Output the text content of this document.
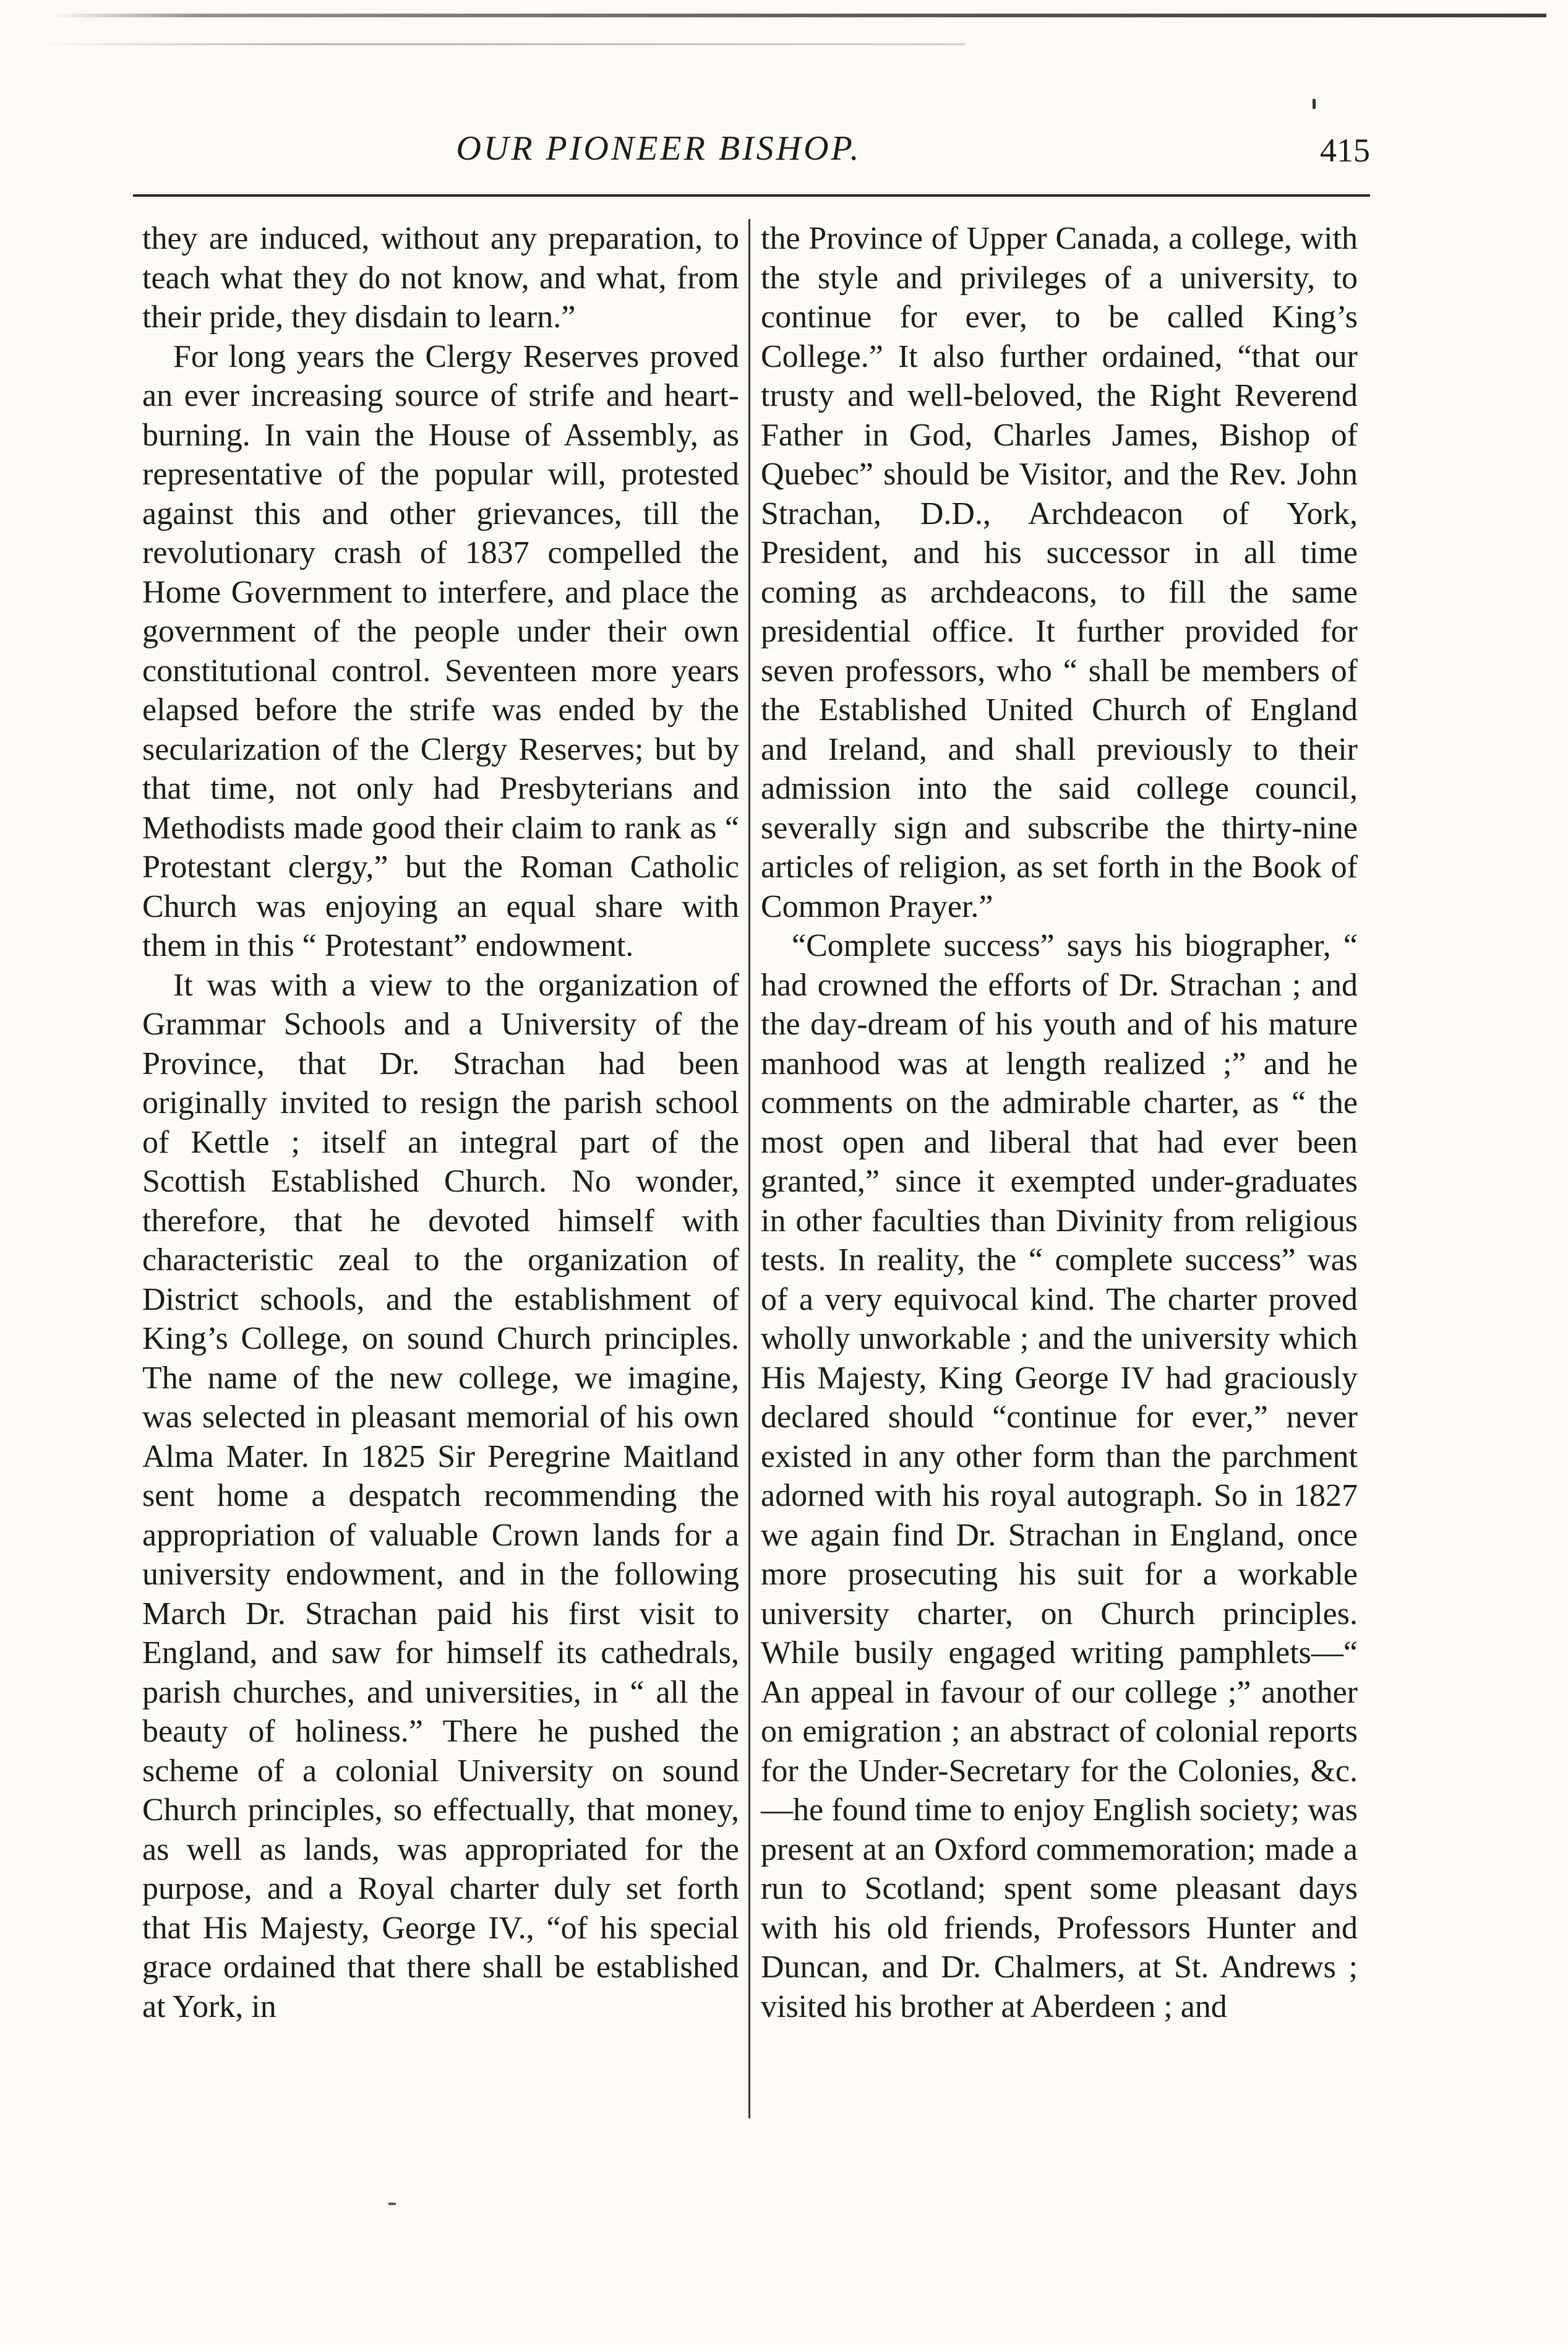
OUR PIONEER BISHOP.	415

they are induced, without any preparation, to teach what they do not know, and what, from their pride, they disdain to learn.”

For long years the Clergy Reserves proved an ever increasing source of strife and heart-burning. In vain the House of Assembly, as representative of the popular will, protested against this and other grievances, till the revolutionary crash of 1837 compelled the Home Government to interfere, and place the government of the people under their own constitutional control. Seventeen more years elapsed before the strife was ended by the secularization of the Clergy Reserves; but by that time, not only had Presbyterians and Methodists made good their claim to rank as “ Protestant clergy,” but the Roman Catholic Church was enjoying an equal share with them in this “ Protestant” endowment.

It was with a view to the organization of Grammar Schools and a University of the Province, that Dr. Strachan had been originally invited to resign the parish school of Kettle ; itself an integral part of the Scottish Established Church. No wonder, therefore, that he devoted himself with characteristic zeal to the organization of District schools, and the establishment of King’s College, on sound Church principles. The name of the new college, we imagine, was selected in pleasant memorial of his own Alma Mater. In 1825 Sir Peregrine Maitland sent home a despatch recommending the appropriation of valuable Crown lands for a university endowment, and in the following March Dr. Strachan paid his first visit to England, and saw for himself its cathedrals, parish churches, and universities, in “ all the beauty of holiness.” There he pushed the scheme of a colonial University on sound Church principles, so effectually, that money, as well as lands, was appropriated for the purpose, and a Royal charter duly set forth that His Majesty, George IV., “of his special grace ordained that there shall be established at York, in

the Province of Upper Canada, a college, with the style and privileges of a university, to continue for ever, to be called King’s College.” It also further ordained, “that our trusty and well-beloved, the Right Reverend Father in God, Charles James, Bishop of Quebec” should be Visitor, and the Rev. John Strachan, D.D., Archdeacon of York, President, and his successor in all time coming as archdeacons, to fill the same presidential office. It further provided for seven professors, who “ shall be members of the Established United Church of England and Ireland, and shall previously to their admission into the said college council, severally sign and subscribe the thirty-nine articles of religion, as set forth in the Book of Common Prayer.”

“Complete success” says his biographer, “ had crowned the efforts of Dr. Strachan ; and the day-dream of his youth and of his mature manhood was at length realized ;” and he comments on the admirable charter, as “ the most open and liberal that had ever been granted,” since it exempted under-graduates in other faculties than Divinity from religious tests. In reality, the “ complete success” was of a very equivocal kind. The charter proved wholly unworkable ; and the university which His Majesty, King George IV had graciously declared should “continue for ever,” never existed in any other form than the parchment adorned with his royal autograph. So in 1827 we again find Dr. Strachan in England, once more prosecuting his suit for a workable university charter, on Church principles. While busily engaged writing pamphlets—“ An appeal in favour of our college ;” another on emigration ; an abstract of colonial reports for the Under-Secretary for the Colonies, &c.—he found time to enjoy English society; was present at an Oxford commemoration; made a run to Scotland; spent some pleasant days with his old friends, Professors Hunter and Duncan, and Dr. Chalmers, at St. Andrews ; visited his brother at Aberdeen ; and
